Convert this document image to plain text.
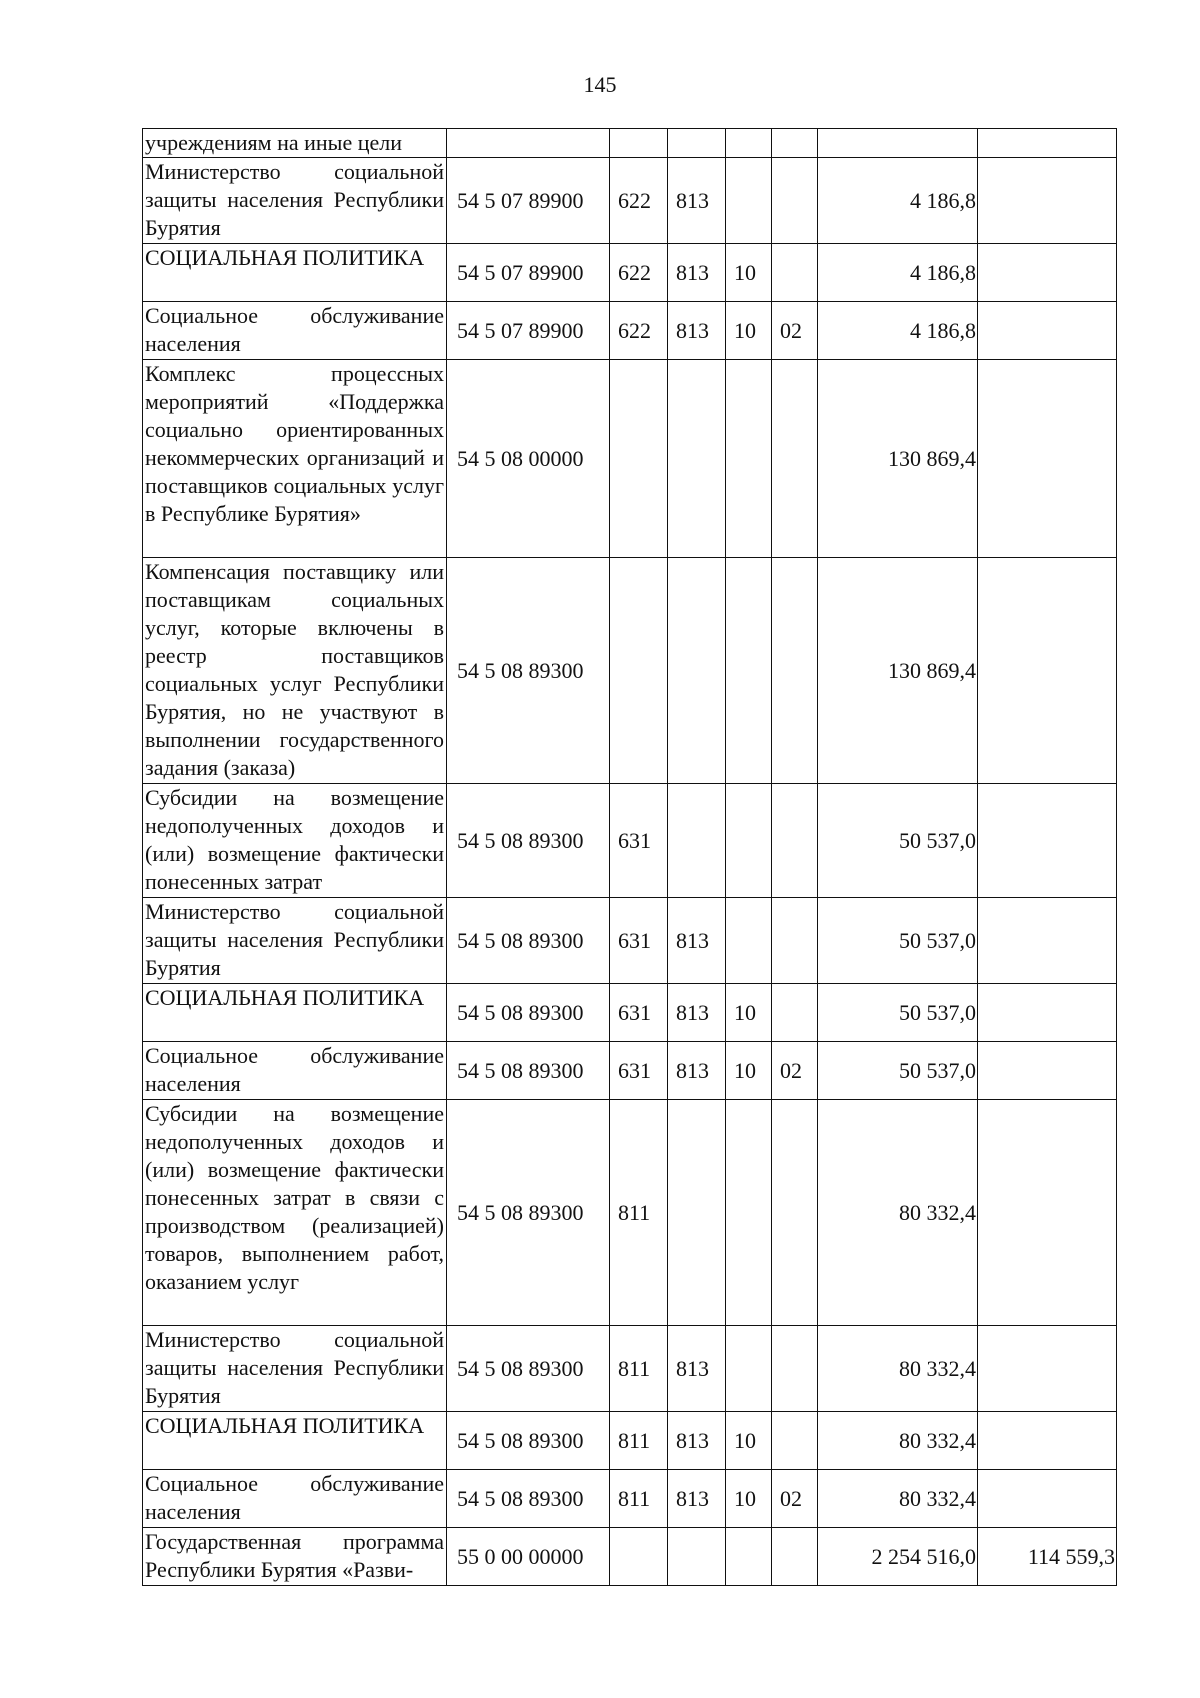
145
учреждениям на иные цели							
Министерство социальной защиты населения Республики Бурятия	54 5 07 89900	622	813			4 186,8	
СОЦИАЛЬНАЯ ПОЛИТИКА	54 5 07 89900	622	813	10		4 186,8	
Социальное обслуживание населения	54 5 07 89900	622	813	10	02	4 186,8	
Комплекс процессных мероприятий «Поддержка социально ориентированных некоммерческих организаций и поставщиков социальных услуг в Республике Бурятия»	54 5 08 00000					130 869,4	
Компенсация поставщику или поставщикам социальных услуг, которые включены в реестр поставщиков социальных услуг Республики Бурятия, но не участвуют в выполнении государственного задания (заказа)	54 5 08 89300					130 869,4	
Субсидии на возмещение недополученных доходов и (или) возмещение фактически понесенных затрат	54 5 08 89300	631				50 537,0	
Министерство социальной защиты населения Республики Бурятия	54 5 08 89300	631	813			50 537,0	
СОЦИАЛЬНАЯ ПОЛИТИКА	54 5 08 89300	631	813	10		50 537,0	
Социальное обслуживание населения	54 5 08 89300	631	813	10	02	50 537,0	
Субсидии на возмещение недополученных доходов и (или) возмещение фактически понесенных затрат в связи с производством (реализацией) товаров, выполнением работ, оказанием услуг	54 5 08 89300	811				80 332,4	
Министерство социальной защиты населения Республики Бурятия	54 5 08 89300	811	813			80 332,4	
СОЦИАЛЬНАЯ ПОЛИТИКА	54 5 08 89300	811	813	10		80 332,4	
Социальное обслуживание населения	54 5 08 89300	811	813	10	02	80 332,4	
Государственная программа Республики Бурятия «Разви-	55 0 00 00000					2 254 516,0	114 559,3
